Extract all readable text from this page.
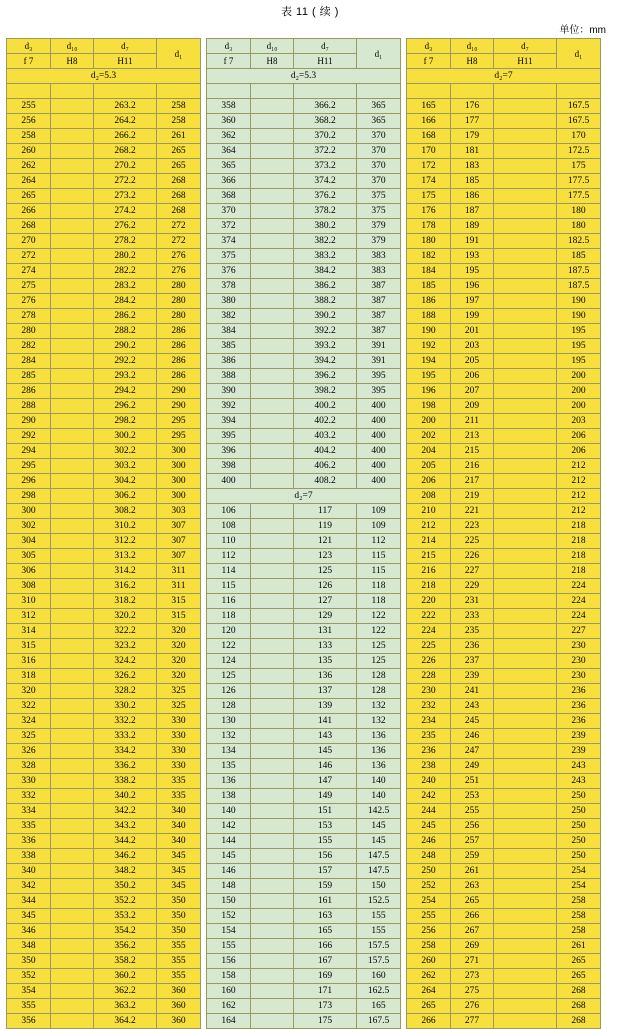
表 11 ( 续 )
单位：mm
d₃	d₁₀	d₇	d₁
f 7	H8	H11	
d₂=5.3			

255		263.2	258
256		264.2	258
258		266.2	261
260		268.2	265
262		270.2	265
264		272.2	268
265		273.2	268
266		274.2	268
268		276.2	272
270		278.2	272
272		280.2	276
274		282.2	276
275		283.2	280
276		284.2	280
278		286.2	280
280		288.2	286
282		290.2	286
284		292.2	286
285		293.2	286
286		294.2	290
288		296.2	290
290		298.2	295
292		300.2	295
294		302.2	300
295		303.2	300
296		304.2	300
298		306.2	300
300		308.2	303
302		310.2	307
304		312.2	307
305		313.2	307
306		314.2	311
308		316.2	311
310		318.2	315
312		320.2	315
314		322.2	320
315		323.2	320
316		324.2	320
318		326.2	320
320		328.2	325
322		330.2	325
324		332.2	330
325		333.2	330
326		334.2	330
328		336.2	330
330		338.2	335
332		340.2	335
334		342.2	340
335		343.2	340
336		344.2	340
338		346.2	345
340		348.2	345
342		350.2	345
344		352.2	350
345		353.2	350
346		354.2	350
348		356.2	355
350		358.2	355
352		360.2	355
354		362.2	360
355		363.2	360
356		364.2	360
d₃	d₁₀	d₇	d₁
f 7	H8	H11	
d₂=5.3			

358		366.2	365
360		368.2	365
362		370.2	370
364		372.2	370
365		373.2	370
366		374.2	370
368		376.2	375
370		378.2	375
372		380.2	379
374		382.2	379
375		383.2	383
376		384.2	383
378		386.2	387
380		388.2	387
382		390.2	387
384		392.2	387
385		393.2	391
386		394.2	391
388		396.2	395
390		398.2	395
392		400.2	400
394		402.2	400
395		403.2	400
396		404.2	400
398		406.2	400
400		408.2	400
d₂=7			
106		117	109
108		119	109
110		121	112
112		123	115
114		125	115
115		126	118
116		127	118
118		129	122
120		131	122
122		133	125
124		135	125
125		136	128
126		137	128
128		139	132
130		141	132
132		143	136
134		145	136
135		146	136
136		147	140
138		149	140
140		151	142.5
142		153	145
144		155	145
145		156	147.5
146		157	147.5
148		159	150
150		161	152.5
152		163	155
154		165	155
155		166	157.5
156		167	157.5
158		169	160
160		171	162.5
162		173	165
164		175	167.5
d₃	d₁₀	d₇	d₁
f 7	H8	H11	
d₂=7			

165	176		167.5
166	177		167.5
168	179		170
170	181		172.5
172	183		175
174	185		177.5
175	186		177.5
176	187		180
178	189		180
180	191		182.5
182	193		185
184	195		187.5
185	196		187.5
186	197		190
188	199		190
190	201		195
192	203		195
194	205		195
195	206		200
196	207		200
198	209		200
200	211		203
202	213		206
204	215		206
205	216		212
206	217		212
208	219		212
210	221		212
212	223		218
214	225		218
215	226		218
216	227		218
218	229		224
220	231		224
222	233		224
224	235		227
225	236		230
226	237		230
228	239		230
230	241		236
232	243		236
234	245		236
235	246		239
236	247		239
238	249		243
240	251		243
242	253		250
244	255		250
245	256		250
246	257		250
248	259		250
250	261		254
252	263		254
254	265		258
255	266		258
256	267		258
258	269		261
260	271		265
262	273		265
264	275		268
265	276		268
266	277		268
